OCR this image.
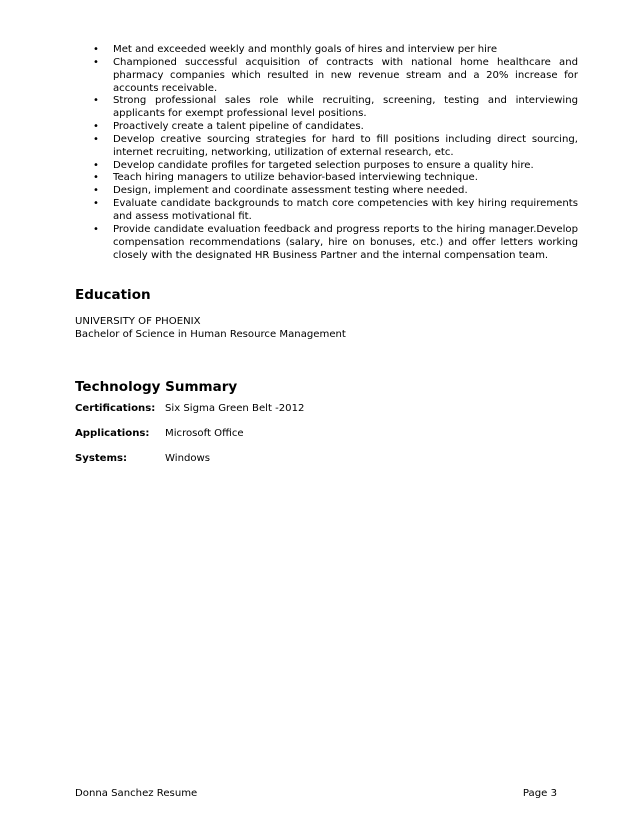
• Met and exceeded weekly and monthly goals of hires and interview per hire
• Championed successful acquisition of contracts with national home healthcare and pharmacy companies which resulted in new revenue stream and a 20% increase for accounts receivable.
• Strong professional sales role while recruiting, screening, testing and interviewing applicants for exempt professional level positions.
• Proactively create a talent pipeline of candidates.
• Develop creative sourcing strategies for hard to fill positions including direct sourcing, internet recruiting, networking, utilization of external research, etc.
• Develop candidate profiles for targeted selection purposes to ensure a quality hire.
• Teach hiring managers to utilize behavior-based interviewing technique.
• Design, implement and coordinate assessment testing where needed.
• Evaluate candidate backgrounds to match core competencies with key hiring requirements and assess motivational fit.
• Provide candidate evaluation feedback and progress reports to the hiring manager.Develop compensation recommendations (salary, hire on bonuses, etc.) and offer letters working closely with the designated HR Business Partner and the internal compensation team.
Education
UNIVERSITY OF PHOENIX
Bachelor of Science in Human Resource Management
Technology Summary
Certifications: Six Sigma Green Belt -2012
Applications: Microsoft Office
Systems:	Windows
Donna Sanchez Resume	Page 3
